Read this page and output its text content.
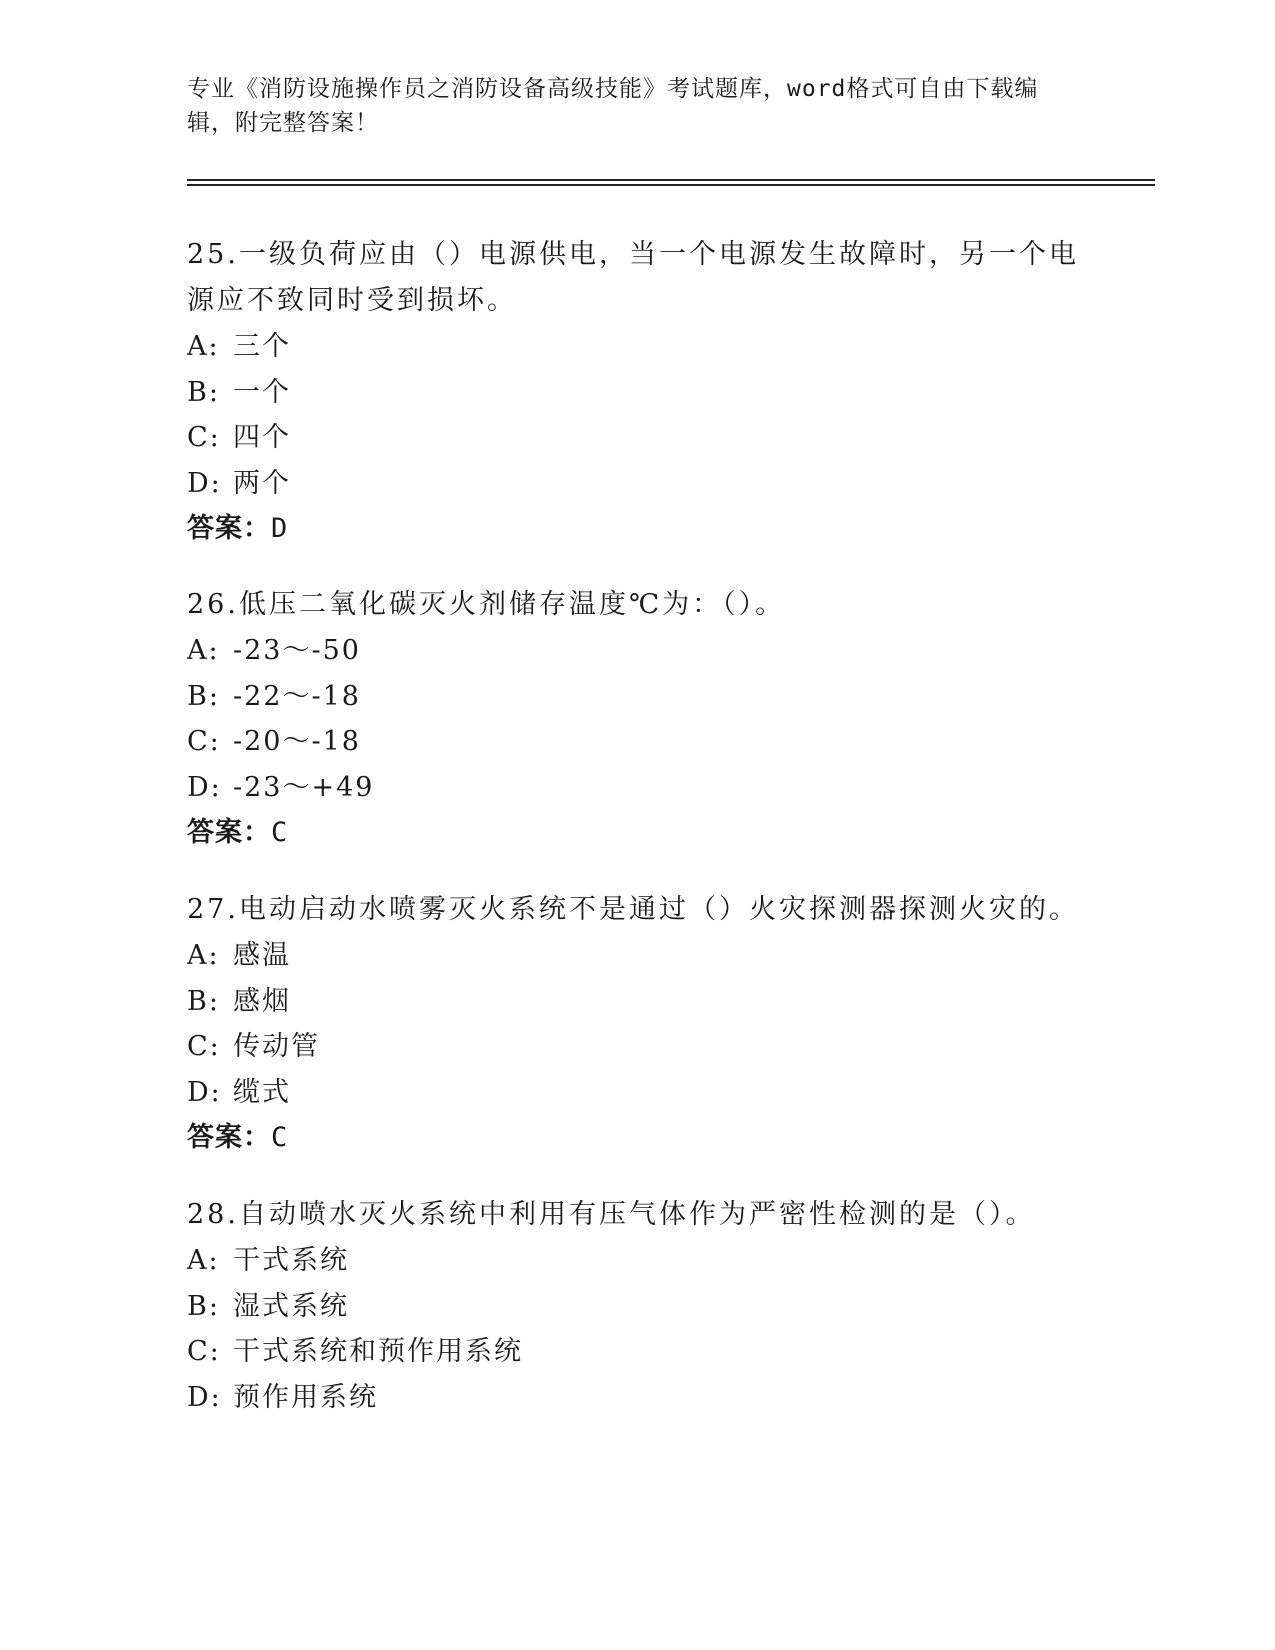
专业《消防设施操作员之消防设备高级技能》考试题库，word格式可自由下载编辑，附完整答案！

25.一级负荷应由（）电源供电，当一个电源发生故障时，另一个电源应不致同时受到损坏。

A: 三个
B: 一个
C: 四个
D: 两个
答案：D

26.低压二氧化碳灭火剂储存温度℃为：（）。

A: -23～-50
B: -22～-18
C: -20～-18
D: -23～+49
答案：C

27.电动启动水喷雾灭火系统不是通过（）火灾探测器探测火灾的。

A: 感温
B: 感烟
C: 传动管
D: 缆式
答案：C

28.自动喷水灭火系统中利用有压气体作为严密性检测的是（）。

A: 干式系统
B: 湿式系统
C: 干式系统和预作用系统
D: 预作用系统
